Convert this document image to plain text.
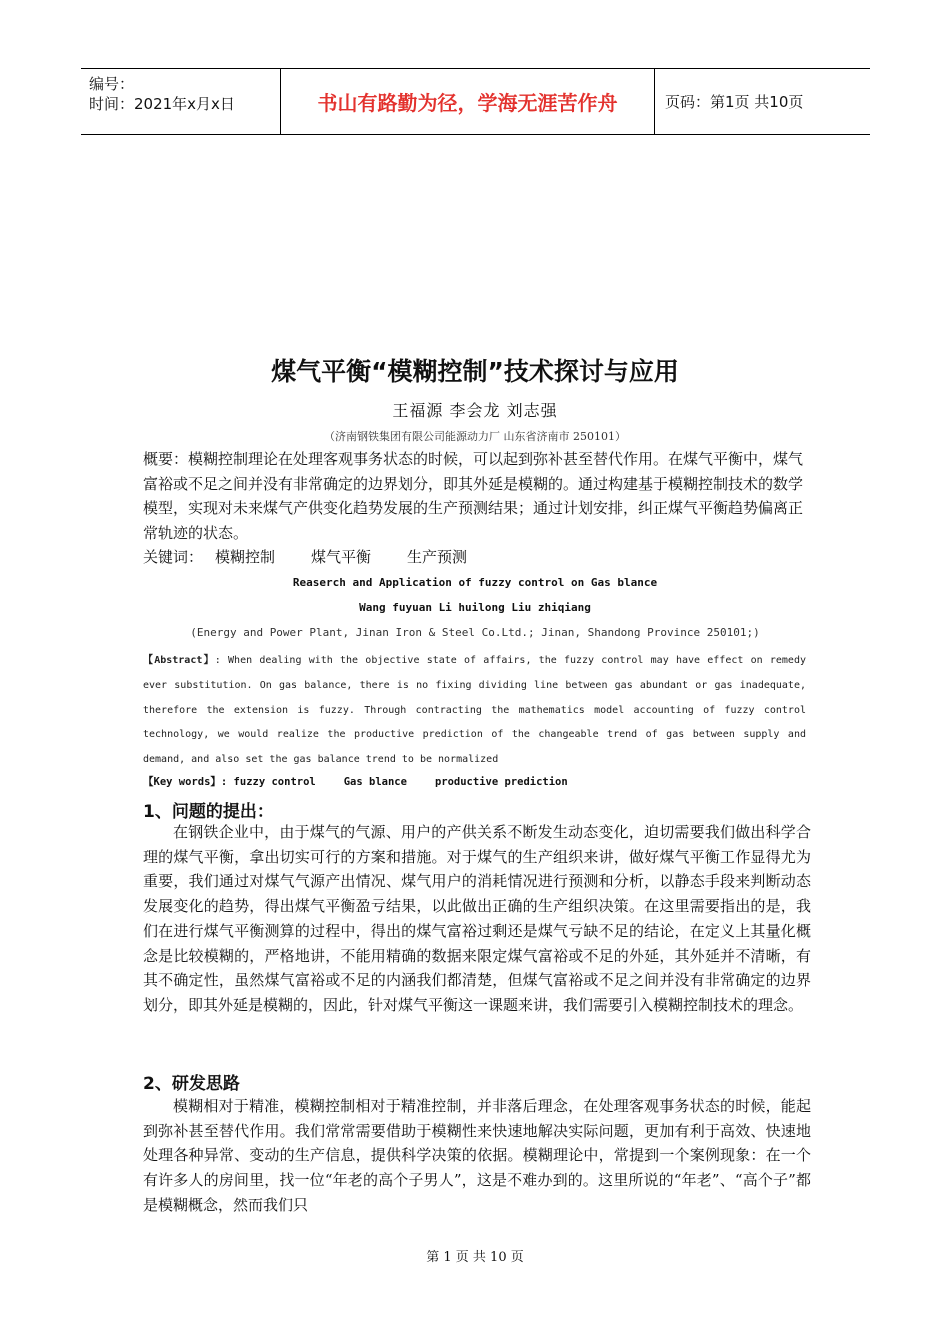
编号：
时间：2021年x月x日	书山有路勤为径，学海无涯苦作舟	页码：第1页 共10页
煤气平衡“模糊控制”技术探讨与应用
王福源 李会龙 刘志强
（济南钢铁集团有限公司能源动力厂 山东省济南市 250101）
概要：模糊控制理论在处理客观事务状态的时候，可以起到弥补甚至替代作用。在煤气平衡中，煤气富裕或不足之间并没有非常确定的边界划分，即其外延是模糊的。通过构建基于模糊控制技术的数学模型，实现对未来煤气产供变化趋势发展的生产预测结果；通过计划安排，纠正煤气平衡趋势偏离正常轨迹的状态。
关键词： 模糊控制 煤气平衡 生产预测
Reaserch and Application of fuzzy control on Gas blance
Wang fuyuan Li huilong Liu zhiqiang
(Energy and Power Plant, Jinan Iron & Steel Co.Ltd.; Jinan, Shandong Province 250101;)
【Abstract】: When dealing with the objective state of affairs, the fuzzy control may have effect on remedy ever substitution. On gas balance, there is no fixing dividing line between gas abundant or gas inadequate, therefore the extension is fuzzy. Through contracting the mathematics model accounting of fuzzy control technology, we would realize the productive prediction of the changeable trend of gas between supply and demand, and also set the gas balance trend to be normalized
【Key words】: fuzzy control	Gas blance	productive prediction
1、问题的提出：
在钢铁企业中，由于煤气的气源、用户的产供关系不断发生动态变化，迫切需要我们做出科学合理的煤气平衡，拿出切实可行的方案和措施。对于煤气的生产组织来讲，做好煤气平衡工作显得尤为重要，我们通过对煤气气源产出情况、煤气用户的消耗情况进行预测和分析，以静态手段来判断动态发展变化的趋势，得出煤气平衡盈亏结果，以此做出正确的生产组织决策。在这里需要指出的是，我们在进行煤气平衡测算的过程中，得出的煤气富裕过剩还是煤气亏缺不足的结论，在定义上其量化概念是比较模糊的，严格地讲，不能用精确的数据来限定煤气富裕或不足的外延，其外延并不清晰，有其不确定性，虽然煤气富裕或不足的内涵我们都清楚，但煤气富裕或不足之间并没有非常确定的边界划分，即其外延是模糊的，因此，针对煤气平衡这一课题来讲，我们需要引入模糊控制技术的理念。
2、研发思路
模糊相对于精准，模糊控制相对于精准控制，并非落后理念，在处理客观事务状态的时候，能起到弥补甚至替代作用。我们常常需要借助于模糊性来快速地解决实际问题，更加有利于高效、快速地处理各种异常、变动的生产信息，提供科学决策的依据。模糊理论中，常提到一个案例现象：在一个有许多人的房间里，找一位“年老的高个子男人”，这是不难办到的。这里所说的“年老”、“高个子”都是模糊概念，然而我们只
第 1 页 共 10 页
